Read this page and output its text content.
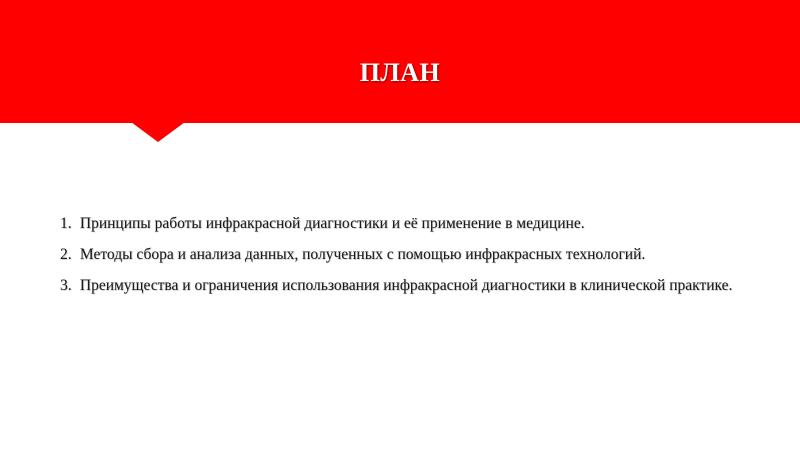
ПЛАН
1. Принципы работы инфракрасной диагностики и её применение в медицине.
2. Методы сбора и анализа данных, полученных с помощью инфракрасных технологий.
3. Преимущества и ограничения использования инфракрасной диагностики в клинической практике.
